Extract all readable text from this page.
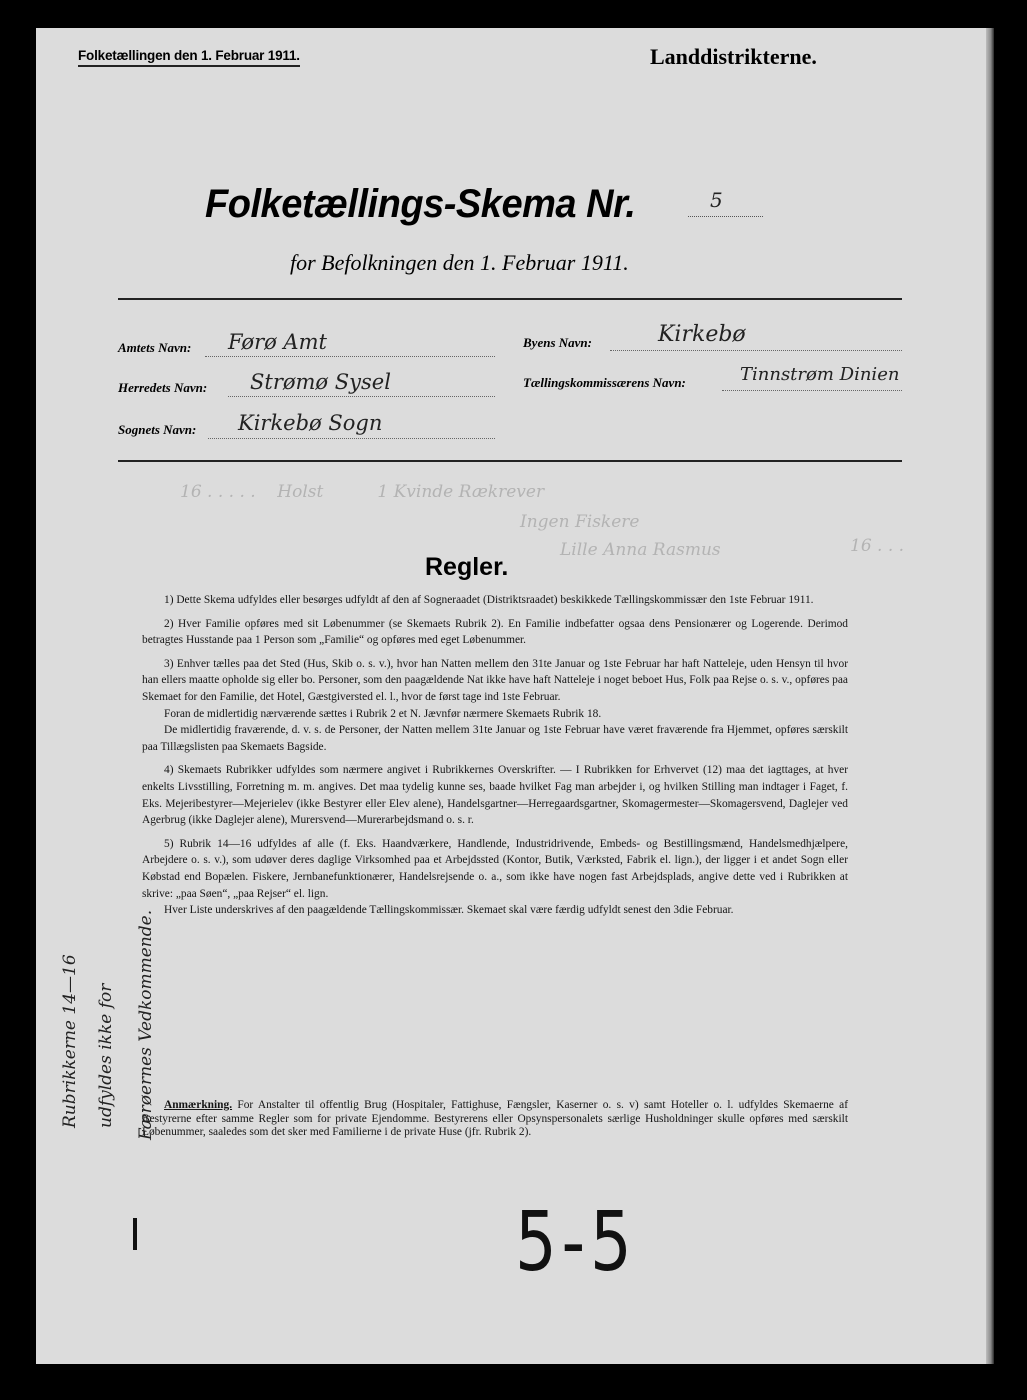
Folketællingen den 1. Februar 1911.	Landdistrikterne.
Folketællings-Skema Nr.	5
for Befolkningen den 1. Februar 1911.
Amtets Navn: Førø Amt
Herredets Navn: Strømø Sysel
Sognets Navn: Kirkebø Sogn
Byens Navn:	Kirkebø
Tællingskommissærens Navn:	Tinnstrøm Dinien
16 . . . . .    Holst          1 Kvinde Rækrever
Ingen Fiskere
Lille Anna Rasmus	16 . . .
Regler.

1) Dette Skema udfyldes eller besørges udfyldt af den af Sogneraadet (Distriktsraadet) beskikkede Tællingskommissær den 1ste Februar 1911.

2) Hver Familie opføres med sit Løbenummer (se Skemaets Rubrik 2). En Familie indbefatter ogsaa dens Pensionærer og Logerende. Derimod betragtes Husstande paa 1 Person som „Familie“ og opføres med eget Løbenummer.

3) Enhver tælles paa det Sted (Hus, Skib o. s. v.), hvor han Natten mellem den 31te Januar og 1ste Februar har haft Natteleje, uden Hensyn til hvor han ellers maatte opholde sig eller bo. Personer, som den paagældende Nat ikke have haft Natteleje i noget beboet Hus, Folk paa Rejse o. s. v., opføres paa Skemaet for den Familie, det Hotel, Gæstgiversted el. l., hvor de først tage ind 1ste Februar.

Foran de midlertidig nærværende sættes i Rubrik 2 et N. Jævnfør nærmere Skemaets Rubrik 18.

De midlertidig fraværende, d. v. s. de Personer, der Natten mellem 31te Januar og 1ste Februar have været fraværende fra Hjemmet, opføres særskilt paa Tillægslisten paa Skemaets Bagside.

4) Skemaets Rubrikker udfyldes som nærmere angivet i Rubrikkernes Overskrifter. — I Rubrikken for Erhvervet (12) maa det iagttages, at hver enkelts Livsstilling, Forretning m. m. angives. Det maa tydelig kunne ses, baade hvilket Fag man arbejder i, og hvilken Stilling man indtager i Faget, f. Eks. Mejeribestyrer—Mejerielev (ikke Bestyrer eller Elev alene), Handelsgartner—Herregaardsgartner, Skomagermester—Skomagersvend, Daglejer ved Agerbrug (ikke Daglejer alene), Murersvend—Murerarbejdsmand o. s. r.

5) Rubrik 14—16 udfyldes af alle (f. Eks. Haandværkere, Handlende, Industridrivende, Embeds- og Bestillingsmænd, Handelsmedhjælpere, Arbejdere o. s. v.), som udøver deres daglige Virksomhed paa et Arbejdssted (Kontor, Butik, Værksted, Fabrik el. lign.), der ligger i et andet Sogn eller Købstad end Bopælen. Fiskere, Jernbanefunktionærer, Handelsrejsende o. a., som ikke have nogen fast Arbejdsplads, angive dette ved i Rubrikken at skrive: „paa Søen“, „paa Rejser“ el. lign.

Hver Liste underskrives af den paagældende Tællingskommissær. Skemaet skal være færdig udfyldt senest den 3die Februar.

Anmærkning. For Anstalter til offentlig Brug (Hospitaler, Fattighuse, Fængsler, Kaserner o. s. v) samt Hoteller o. l. udfyldes Skemaerne af Bestyrerne efter samme Regler som for private Ejendomme. Bestyrerens eller Opsynspersonalets særlige Husholdninger skulle opføres med særskilt Løbenummer, saaledes som det sker med Familierne i de private Huse (jfr. Rubrik 2).

Rubrikkerne 14—16 udfyldes ikke for Færøernes Vedkommende.
5-5
